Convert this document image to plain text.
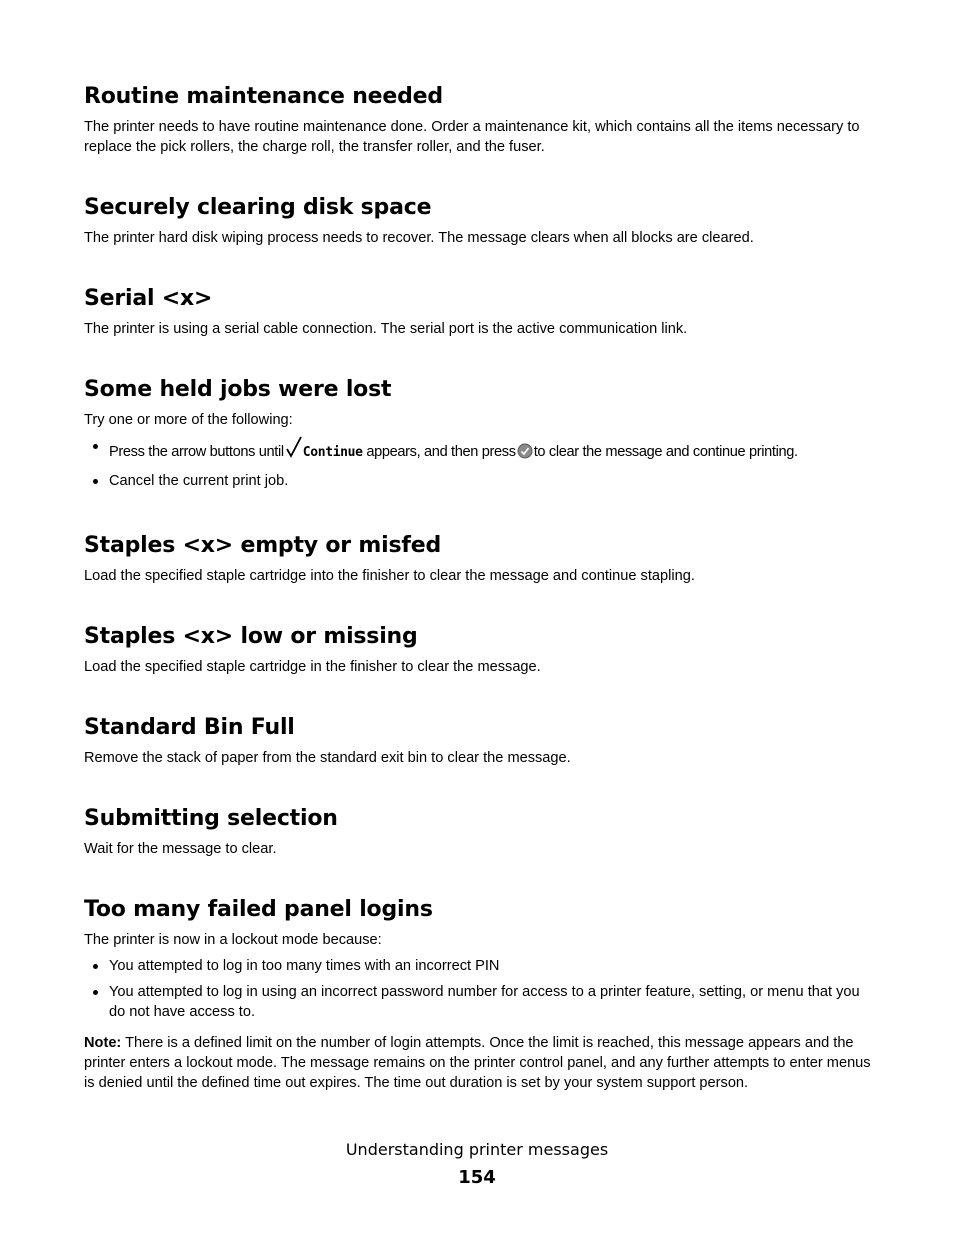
Routine maintenance needed

The printer needs to have routine maintenance done. Order a maintenance kit, which contains all the items necessary to replace the pick rollers, the charge roll, the transfer roller, and the fuser.

Securely clearing disk space

The printer hard disk wiping process needs to recover. The message clears when all blocks are cleared.

Serial <x>

The printer is using a serial cable connection. The serial port is the active communication link.

Some held jobs were lost

Try one or more of the following:

Press the arrow buttons until Continue appears, and then press to clear the message and continue printing.
Cancel the current print job.
Staples <x> empty or misfed

Load the specified staple cartridge into the finisher to clear the message and continue stapling.

Staples <x> low or missing

Load the specified staple cartridge in the finisher to clear the message.

Standard Bin Full

Remove the stack of paper from the standard exit bin to clear the message.

Submitting selection

Wait for the message to clear.

Too many failed panel logins

The printer is now in a lockout mode because:

You attempted to log in too many times with an incorrect PIN
You attempted to log in using an incorrect password number for access to a printer feature, setting, or menu that you do not have access to.

Note: There is a defined limit on the number of login attempts. Once the limit is reached, this message appears and the printer enters a lockout mode. The message remains on the printer control panel, and any further attempts to enter menus is denied until the defined time out expires. The time out duration is set by your system support person.

Understanding printer messages
154
